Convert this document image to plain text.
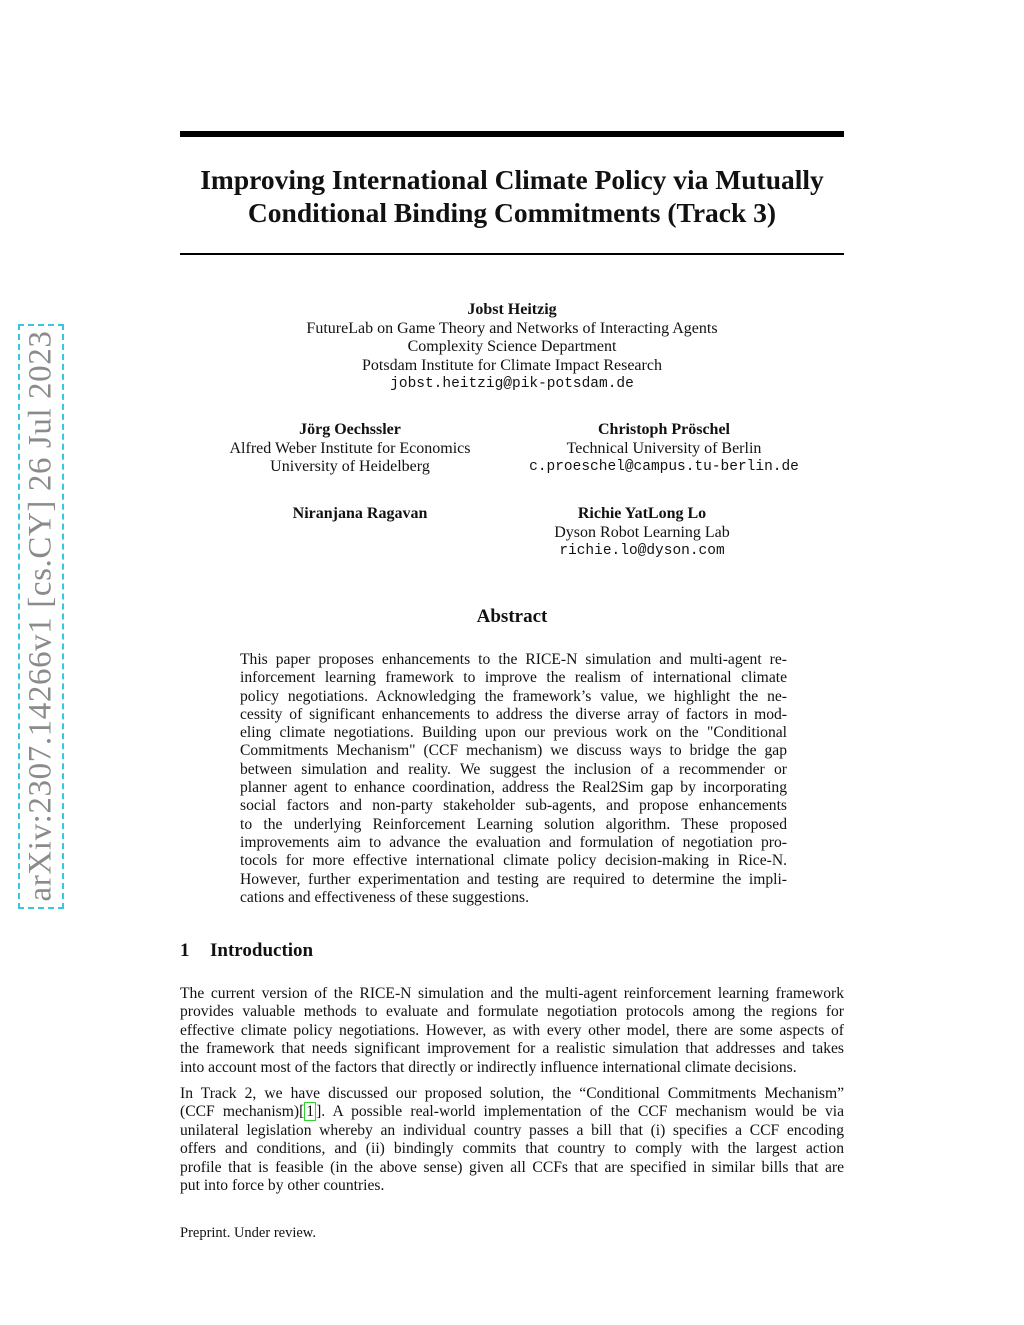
arXiv:2307.14266v1 [cs.CY] 26 Jul 2023
Improving International Climate Policy via Mutually
Conditional Binding Commitments (Track 3)
Jobst Heitzig
FutureLab on Game Theory and Networks of Interacting Agents
Complexity Science Department
Potsdam Institute for Climate Impact Research
jobst.heitzig@pik-potsdam.de
Jörg Oechssler
Alfred Weber Institute for Economics
University of Heidelberg
Christoph Pröschel
Technical University of Berlin
c.proeschel@campus.tu-berlin.de
Niranjana Ragavan	Richie YatLong Lo
Dyson Robot Learning Lab
richie.lo@dyson.com
Abstract
This paper proposes enhancements to the RICE-N simulation and multi-agent re-
inforcement learning framework to improve the realism of international climate
policy negotiations. Acknowledging the framework’s value, we highlight the ne-
cessity of significant enhancements to address the diverse array of factors in mod-
eling climate negotiations. Building upon our previous work on the "Conditional
Commitments Mechanism" (CCF mechanism) we discuss ways to bridge the gap
between simulation and reality. We suggest the inclusion of a recommender or
planner agent to enhance coordination, address the Real2Sim gap by incorporating
social factors and non-party stakeholder sub-agents, and propose enhancements
to the underlying Reinforcement Learning solution algorithm. These proposed
improvements aim to advance the evaluation and formulation of negotiation pro-
tocols for more effective international climate policy decision-making in Rice-N.
However, further experimentation and testing are required to determine the impli-
cations and effectiveness of these suggestions.
1 Introduction
The current version of the RICE-N simulation and the multi-agent reinforcement learning framework
provides valuable methods to evaluate and formulate negotiation protocols among the regions for
effective climate policy negotiations. However, as with every other model, there are some aspects of
the framework that needs significant improvement for a realistic simulation that addresses and takes
into account most of the factors that directly or indirectly influence international climate decisions.
In Track 2, we have discussed our proposed solution, the “Conditional Commitments Mechanism”
(CCF mechanism)[ 1 ]. A possible real-world implementation of the CCF mechanism would be via
unilateral legislation whereby an individual country passes a bill that (i) specifies a CCF encoding
offers and conditions, and (ii) bindingly commits that country to comply with the largest action
profile that is feasible (in the above sense) given all CCFs that are specified in similar bills that are
put into force by other countries.
Preprint. Under review.
